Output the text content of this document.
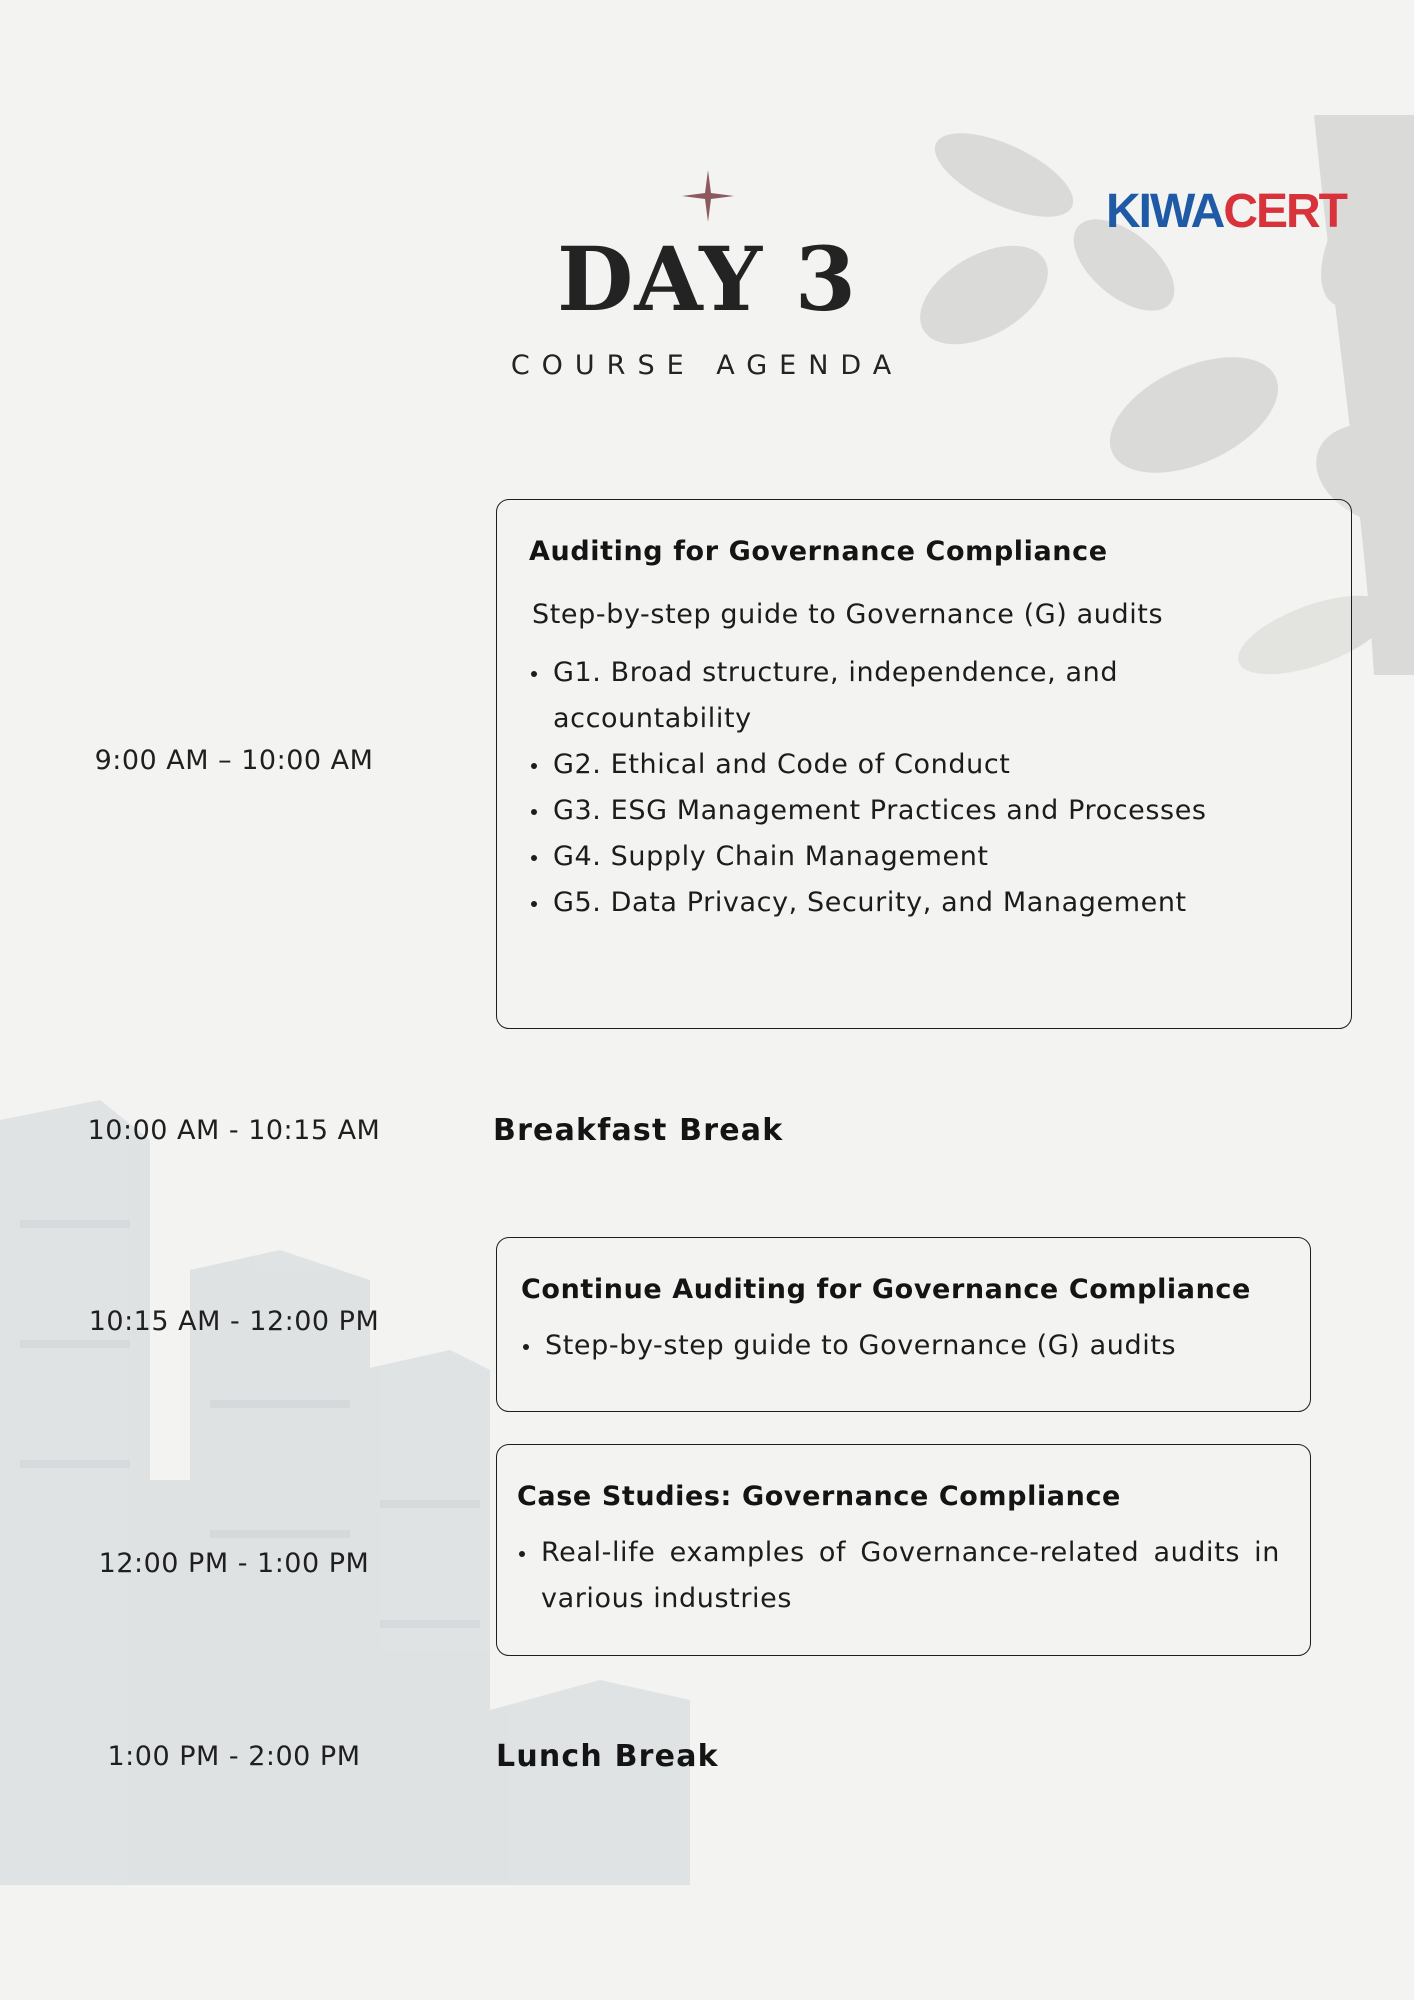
KIWACERT
DAY 3
COURSE AGENDA
9:00 AM – 10:00 AM

Auditing for Governance Compliance

Step-by-step guide to Governance (G) audits

G1. Broad structure, independence, and accountability
G2. Ethical and Code of Conduct
G3. ESG Management Practices and Processes
G4. Supply Chain Management
G5. Data Privacy, Security, and Management
10:00 AM - 10:15 AM	Breakfast Break
10:15 AM - 12:00 PM

Continue Auditing for Governance Compliance

Step-by-step guide to Governance (G) audits
12:00 PM - 1:00 PM

Case Studies: Governance Compliance

Real-life examples of Governance-related audits in various industries
1:00 PM - 2:00 PM	Lunch Break
